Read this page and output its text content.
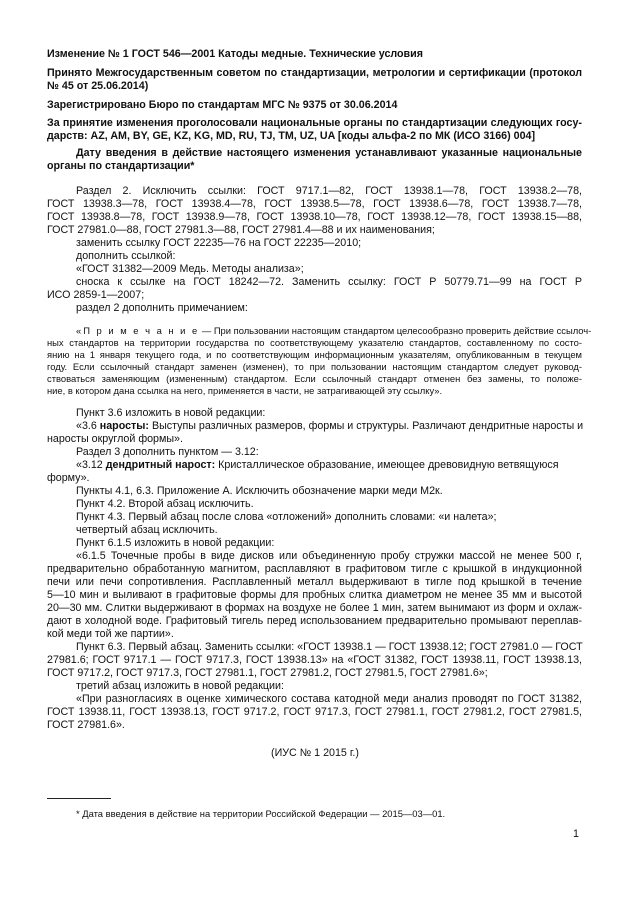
Изменение № 1 ГОСТ 546—2001 Катоды медные. Технические условия

Принято Межгосударственным советом по стандартизации, метрологии и сертификации (протокол

№ 45 от 25.06.2014)

Зарегистрировано Бюро по стандартам МГС № 9375 от 30.06.2014

За принятие изменения проголосовали национальные органы по стандартизации следующих госу-

дарств: AZ, AM, BY, GE, KZ, KG, MD, RU, TJ, TM, UZ, UA [коды альфа-2 по МК (ИСО 3166) 004]

Дату введения в действие настоящего изменения устанавливают указанные национальные

органы по стандартизации*

Раздел 2. Исключить ссылки: ГОСТ 9717.1—82, ГОСТ 13938.1—78, ГОСТ 13938.2—78,

ГОСТ 13938.3—78, ГОСТ 13938.4—78, ГОСТ 13938.5—78, ГОСТ 13938.6—78, ГОСТ 13938.7—78,

ГОСТ 13938.8—78, ГОСТ 13938.9—78, ГОСТ 13938.10—78, ГОСТ 13938.12—78, ГОСТ 13938.15—88,

ГОСТ 27981.0—88, ГОСТ 27981.3—88, ГОСТ 27981.4—88 и их наименования;

заменить ссылку ГОСТ 22235—76 на ГОСТ 22235—2010;

дополнить ссылкой:

«ГОСТ 31382—2009 Медь. Методы анализа»;

сноска к ссылке на ГОСТ 18242—72. Заменить ссылку: ГОСТ Р 50779.71—99 на ГОСТ Р

ИСО 2859-1—2007;

раздел 2 дополнить примечанием:

«П р и м е ч а н и е — При пользовании настоящим стандартом целесообразно проверить действие ссылоч-

ных стандартов на территории государства по соответствующему указателю стандартов, составленному по состо-

янию на 1 января текущего года, и по соответствующим информационным указателям, опубликованным в текущем

году. Если ссылочный стандарт заменен (изменен), то при пользовании настоящим стандартом следует руковод-

ствоваться заменяющим (измененным) стандартом. Если ссылочный стандарт отменен без замены, то положе-

ние, в котором дана ссылка на него, применяется в части, не затрагивающей эту ссылку».

Пункт 3.6 изложить в новой редакции:

«3.6 наросты: Выступы различных размеров, формы и структуры. Различают дендритные наросты и

наросты округлой формы».

Раздел 3 дополнить пунктом — 3.12:

«3.12 дендритный нарост: Кристаллическое образование, имеющее древовидную ветвящуюся

форму».

Пункты 4.1, 6.3. Приложение А. Исключить обозначение марки меди М2к.

Пункт 4.2. Второй абзац исключить.

Пункт 4.3. Первый абзац после слова «отложений» дополнить словами: «и налета»;

четвертый абзац исключить.

Пункт 6.1.5 изложить в новой редакции:

«6.1.5 Точечные пробы в виде дисков или объединенную пробу стружки массой не менее 500 г,

предварительно обработанную магнитом, расплавляют в графитовом тигле с крышкой в индукционной

печи или печи сопротивления. Расплавленный металл выдерживают в тигле под крышкой в течение

5—10 мин и выливают в графитовые формы для пробных слитка диаметром не менее 35 мм и высотой

20—30 мм. Слитки выдерживают в формах на воздухе не более 1 мин, затем вынимают из форм и охлаж-

дают в холодной воде. Графитовый тигель перед использованием предварительно промывают переплав-

кой меди той же партии».

Пункт 6.3. Первый абзац. Заменить ссылки: «ГОСТ 13938.1 — ГОСТ 13938.12; ГОСТ 27981.0 — ГОСТ

27981.6; ГОСТ 9717.1 — ГОСТ 9717.3, ГОСТ 13938.13» на «ГОСТ 31382, ГОСТ 13938.11, ГОСТ 13938.13,

ГОСТ 9717.2, ГОСТ 9717.3, ГОСТ 27981.1, ГОСТ 27981.2, ГОСТ 27981.5, ГОСТ 27981.6»;

третий абзац изложить в новой редакции:

«При разногласиях в оценке химического состава катодной меди анализ проводят по ГОСТ 31382,

ГОСТ 13938.11, ГОСТ 13938.13, ГОСТ 9717.2, ГОСТ 9717.3, ГОСТ 27981.1, ГОСТ 27981.2, ГОСТ 27981.5,

ГОСТ 27981.6».

(ИУС № 1 2015 г.)

* Дата введения в действие на территории Российской Федерации — 2015—03—01.

1
